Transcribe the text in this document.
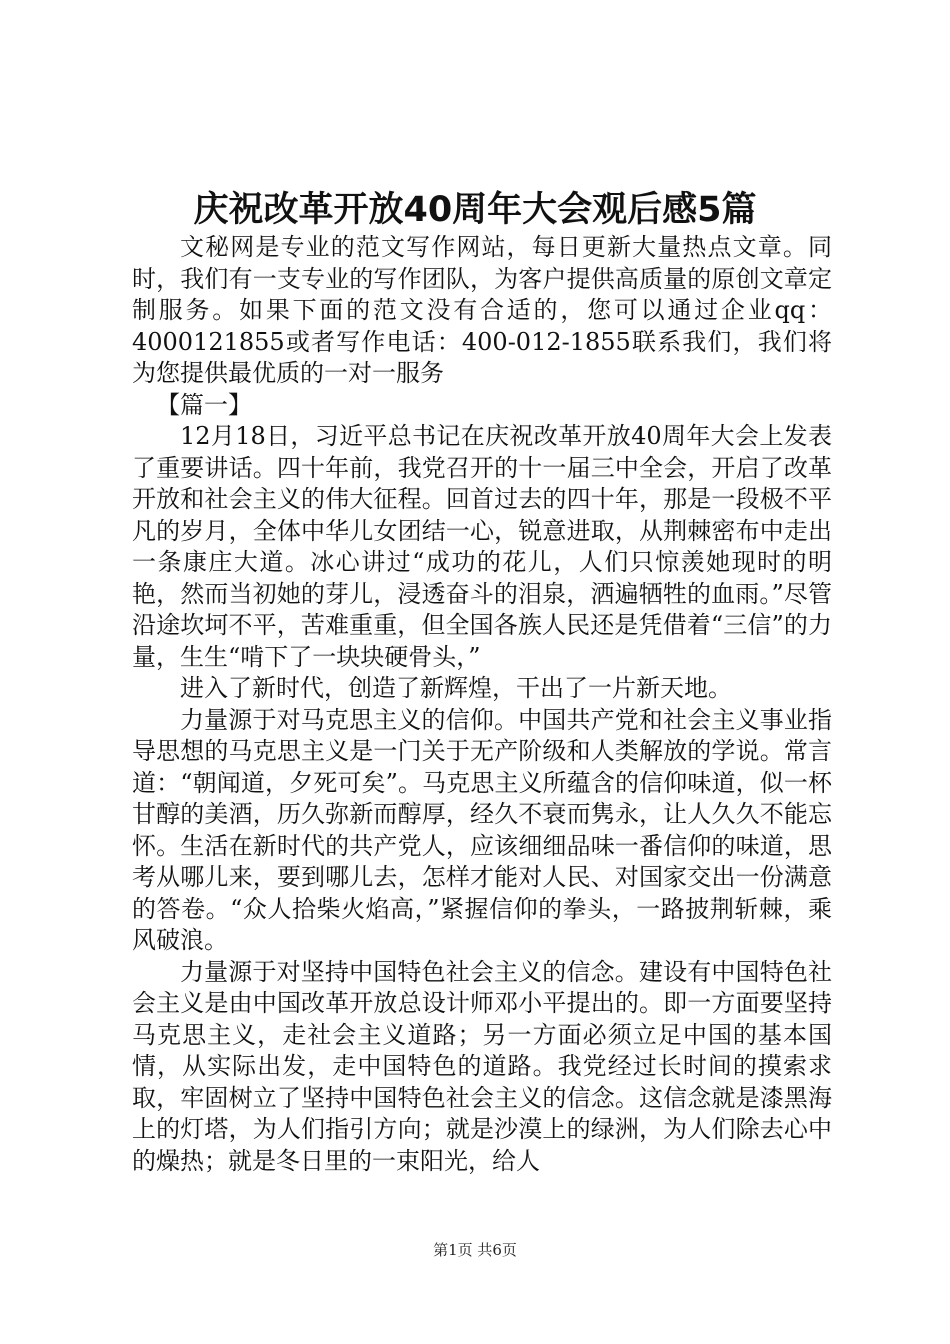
庆祝改革开放40周年大会观后感5篇

文秘网是专业的范文写作网站，每日更新大量热点文章。同时，我们有一支专业的写作团队，为客户提供高质量的原创文章定制服务。如果下面的范文没有合适的，您可以通过企业qq：4000121855或者写作电话：400-012-1855联系我们，我们将为您提供最优质的一对一服务

【篇一】

12月18日，习近平总书记在庆祝改革开放40周年大会上发表了重要讲话。四十年前，我党召开的十一届三中全会，开启了改革开放和社会主义的伟大征程。回首过去的四十年，那是一段极不平凡的岁月，全体中华儿女团结一心，锐意进取，从荆棘密布中走出一条康庄大道。冰心讲过“成功的花儿，人们只惊羡她现时的明艳，然而当初她的芽儿，浸透奋斗的泪泉，洒遍牺牲的血雨。”尽管沿途坎坷不平，苦难重重，但全国各族人民还是凭借着“三信”的力量，生生“啃下了一块块硬骨头，”

进入了新时代，创造了新辉煌，干出了一片新天地。

力量源于对马克思主义的信仰。中国共产党和社会主义事业指导思想的马克思主义是一门关于无产阶级和人类解放的学说。常言道：“朝闻道，夕死可矣”。马克思主义所蕴含的信仰味道，似一杯甘醇的美酒，历久弥新而醇厚，经久不衰而隽永，让人久久不能忘怀。生活在新时代的共产党人，应该细细品味一番信仰的味道，思考从哪儿来，要到哪儿去，怎样才能对人民、对国家交出一份满意的答卷。“众人拾柴火焰高，”紧握信仰的拳头，一路披荆斩棘，乘风破浪。

力量源于对坚持中国特色社会主义的信念。建设有中国特色社会主义是由中国改革开放总设计师邓小平提出的。即一方面要坚持马克思主义，走社会主义道路；另一方面必须立足中国的基本国情，从实际出发，走中国特色的道路。我党经过长时间的摸索求取，牢固树立了坚持中国特色社会主义的信念。这信念就是漆黑海上的灯塔，为人们指引方向；就是沙漠上的绿洲，为人们除去心中的燥热；就是冬日里的一束阳光，给人

第1页 共6页
